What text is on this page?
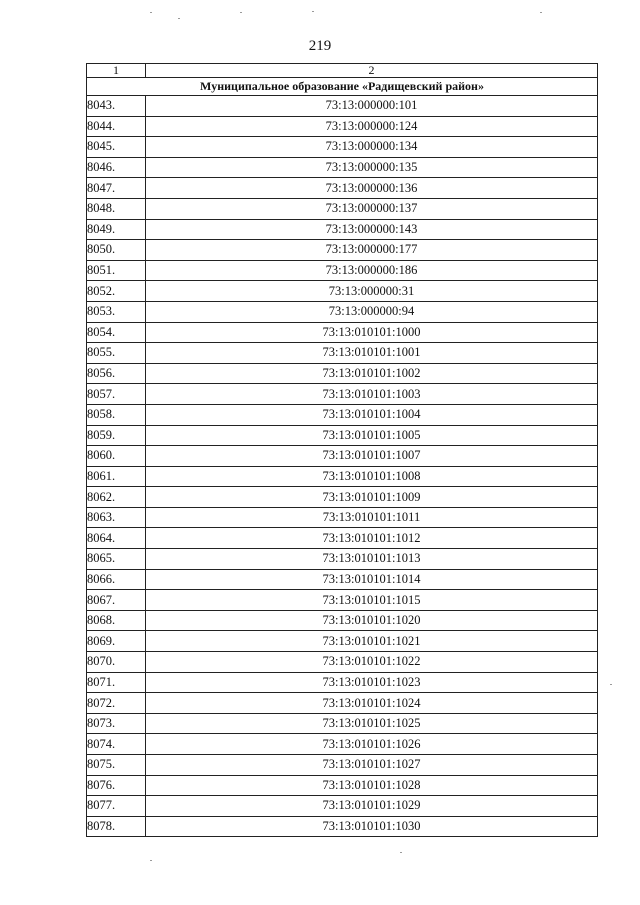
219
1	2
Муниципальное образование «Радищевский район»	
8043.	73:13:000000:101
8044.	73:13:000000:124
8045.	73:13:000000:134
8046.	73:13:000000:135
8047.	73:13:000000:136
8048.	73:13:000000:137
8049.	73:13:000000:143
8050.	73:13:000000:177
8051.	73:13:000000:186
8052.	73:13:000000:31
8053.	73:13:000000:94
8054.	73:13:010101:1000
8055.	73:13:010101:1001
8056.	73:13:010101:1002
8057.	73:13:010101:1003
8058.	73:13:010101:1004
8059.	73:13:010101:1005
8060.	73:13:010101:1007
8061.	73:13:010101:1008
8062.	73:13:010101:1009
8063.	73:13:010101:1011
8064.	73:13:010101:1012
8065.	73:13:010101:1013
8066.	73:13:010101:1014
8067.	73:13:010101:1015
8068.	73:13:010101:1020
8069.	73:13:010101:1021
8070.	73:13:010101:1022
8071.	73:13:010101:1023
8072.	73:13:010101:1024
8073.	73:13:010101:1025
8074.	73:13:010101:1026
8075.	73:13:010101:1027
8076.	73:13:010101:1028
8077.	73:13:010101:1029
8078.	73:13:010101:1030
